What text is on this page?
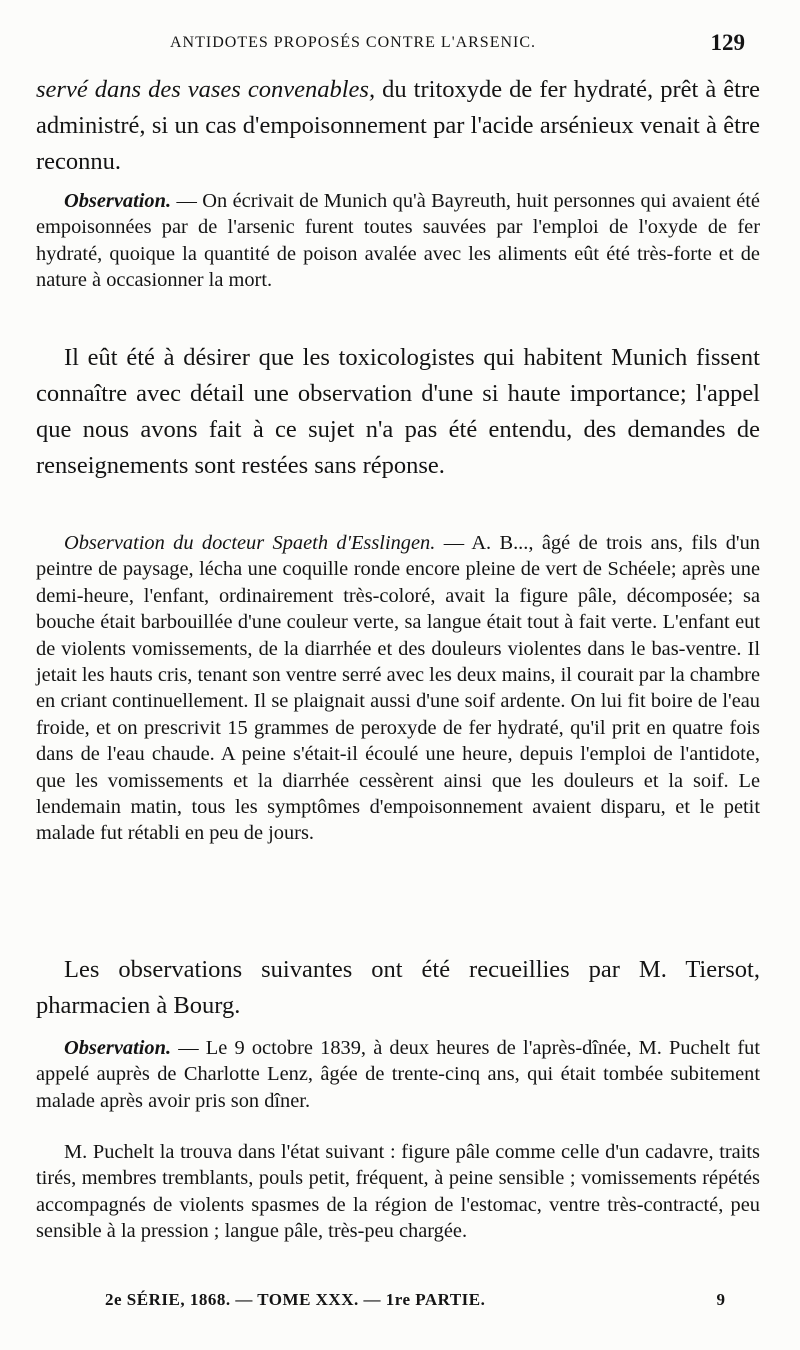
ANTIDOTES PROPOSÉS CONTRE L'ARSENIC.	129

servé dans des vases convenables, du tritoxyde de fer hydraté, prêt à être administré, si un cas d'empoisonnement par l'acide arsénieux venait à être reconnu.

Observation. — On écrivait de Munich qu'à Bayreuth, huit personnes qui avaient été empoisonnées par de l'arsenic furent toutes sauvées par l'emploi de l'oxyde de fer hydraté, quoique la quantité de poison avalée avec les aliments eût été très-forte et de nature à occasionner la mort.

Il eût été à désirer que les toxicologistes qui habitent Munich fissent connaître avec détail une observation d'une si haute importance; l'appel que nous avons fait à ce sujet n'a pas été entendu, des demandes de renseignements sont restées sans réponse.

Observation du docteur Spaeth d'Esslingen. — A. B..., âgé de trois ans, fils d'un peintre de paysage, lécha une coquille ronde encore pleine de vert de Schéele; après une demi-heure, l'enfant, ordinairement très-coloré, avait la figure pâle, décomposée; sa bouche était barbouillée d'une couleur verte, sa langue était tout à fait verte. L'enfant eut de violents vomissements, de la diarrhée et des douleurs violentes dans le bas-ventre. Il jetait les hauts cris, tenant son ventre serré avec les deux mains, il courait par la chambre en criant continuellement. Il se plaignait aussi d'une soif ardente. On lui fit boire de l'eau froide, et on prescrivit 15 grammes de peroxyde de fer hydraté, qu'il prit en quatre fois dans de l'eau chaude. A peine s'était-il écoulé une heure, depuis l'emploi de l'antidote, que les vomissements et la diarrhée cessèrent ainsi que les douleurs et la soif. Le lendemain matin, tous les symptômes d'empoisonnement avaient disparu, et le petit malade fut rétabli en peu de jours.

Les observations suivantes ont été recueillies par M. Tiersot, pharmacien à Bourg.

Observation. — Le 9 octobre 1839, à deux heures de l'après-dînée, M. Puchelt fut appelé auprès de Charlotte Lenz, âgée de trente-cinq ans, qui était tombée subitement malade après avoir pris son dîner.

M. Puchelt la trouva dans l'état suivant : figure pâle comme celle d'un cadavre, traits tirés, membres tremblants, pouls petit, fréquent, à peine sensible ; vomissements répétés accompagnés de violents spasmes de la région de l'estomac, ventre très-contracté, peu sensible à la pression ; langue pâle, très-peu chargée.

2e SÉRIE, 1868. — TOME XXX. — 1re PARTIE.	9
